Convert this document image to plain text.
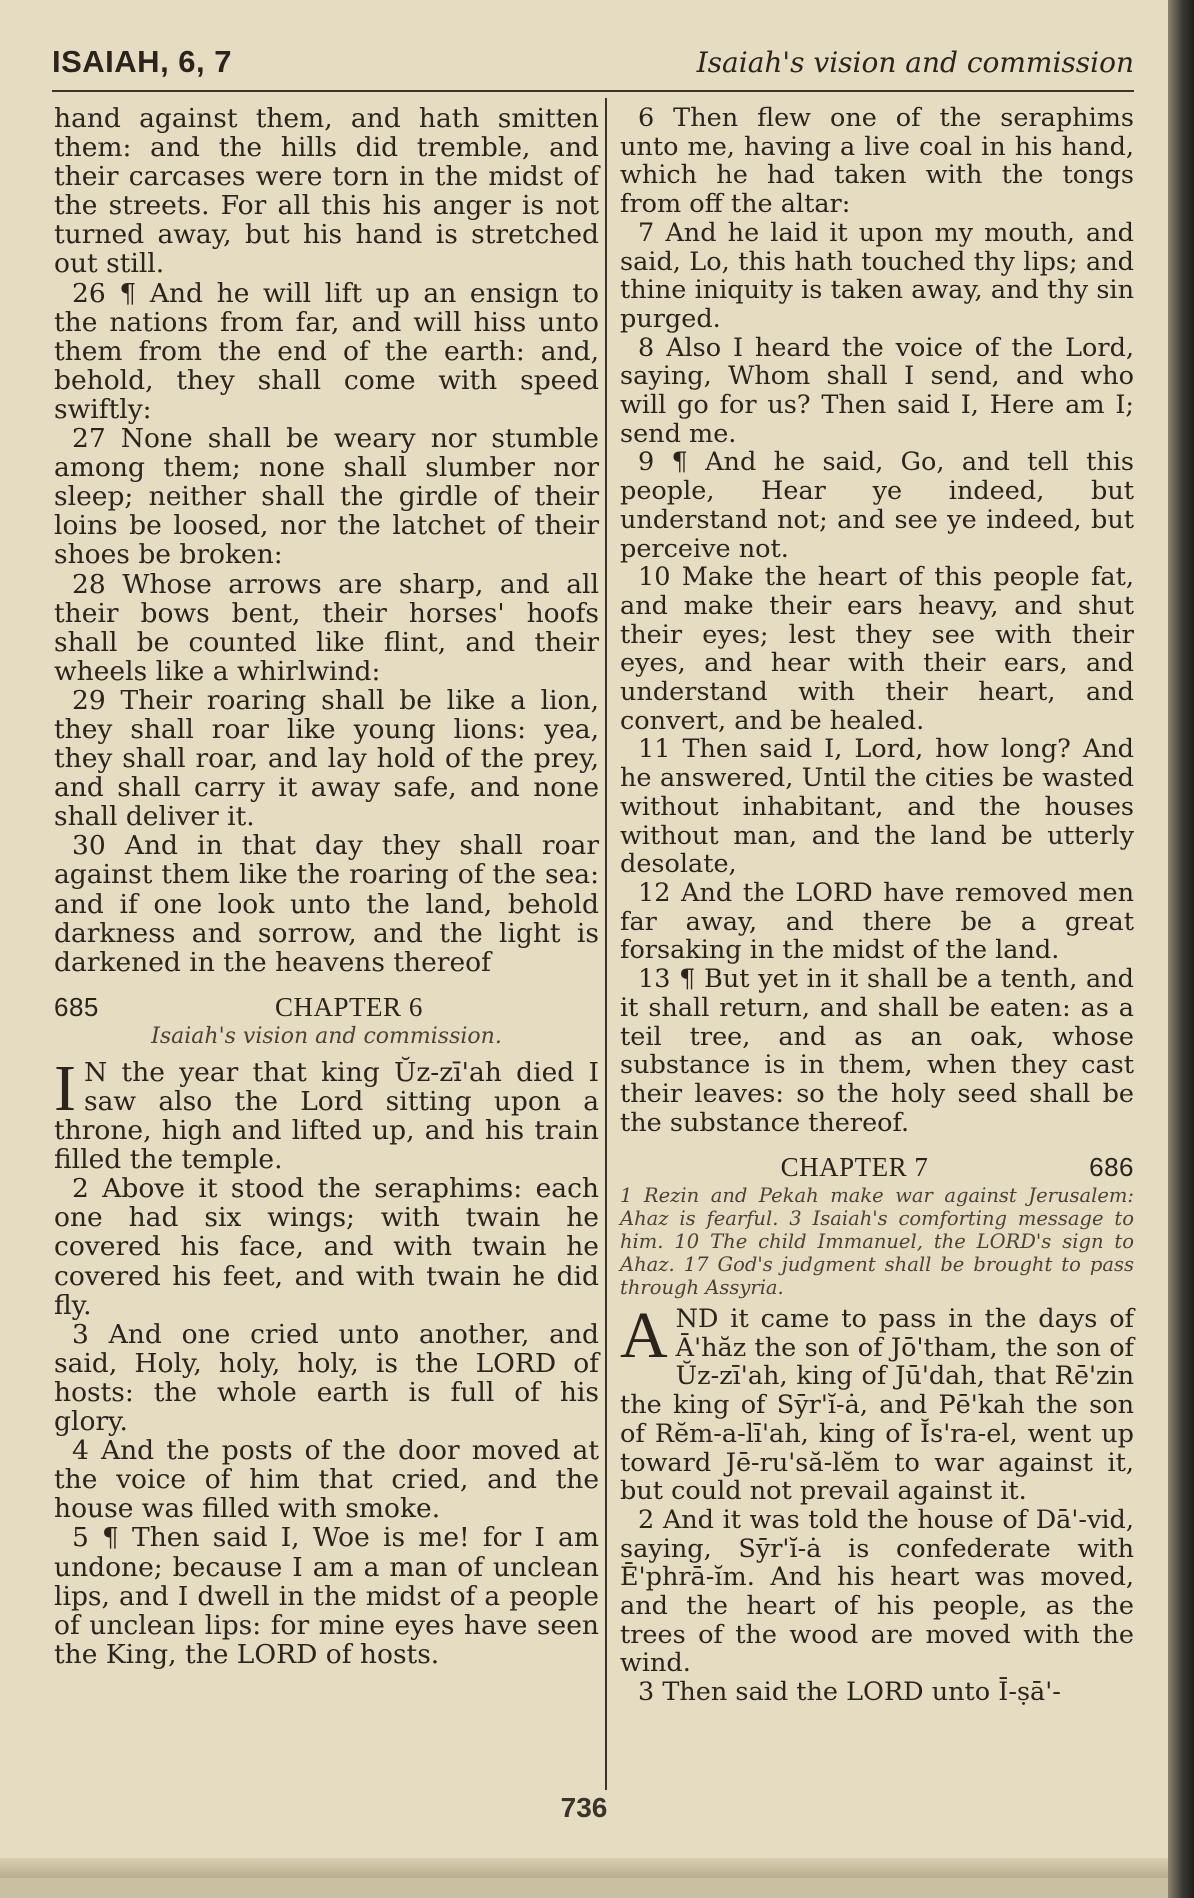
ISAIAH, 6, 7	Isaiah's vision and commission

hand against them, and hath smitten them: and the hills did tremble, and their carcases were torn in the midst of the streets. For all this his anger is not turned away, but his hand is stretched out still.

26 ¶ And he will lift up an ensign to the nations from far, and will hiss unto them from the end of the earth: and, behold, they shall come with speed swiftly:

27 None shall be weary nor stumble among them; none shall slumber nor sleep; neither shall the girdle of their loins be loosed, nor the latchet of their shoes be broken:

28 Whose arrows are sharp, and all their bows bent, their horses' hoofs shall be counted like flint, and their wheels like a whirlwind:

29 Their roaring shall be like a lion, they shall roar like young lions: yea, they shall roar, and lay hold of the prey, and shall carry it away safe, and none shall deliver it.

30 And in that day they shall roar against them like the roaring of the sea: and if one look unto the land, behold darkness and sorrow, and the light is darkened in the heavens thereof

685	CHAPTER 6
Isaiah's vision and commission.

I N the year that king Ŭz-zī'ah died I saw also the Lord sitting upon a throne, high and lifted up, and his train filled the temple.

2 Above it stood the seraphims: each one had six wings; with twain he covered his face, and with twain he covered his feet, and with twain he did fly.

3 And one cried unto another, and said, Holy, holy, holy, is the LORD of hosts: the whole earth is full of his glory.

4 And the posts of the door moved at the voice of him that cried, and the house was filled with smoke.

5 ¶ Then said I, Woe is me! for I am undone; because I am a man of unclean lips, and I dwell in the midst of a people of unclean lips: for mine eyes have seen the King, the LORD of hosts.

6 Then flew one of the seraphims unto me, having a live coal in his hand, which he had taken with the tongs from off the altar:

7 And he laid it upon my mouth, and said, Lo, this hath touched thy lips; and thine iniquity is taken away, and thy sin purged.

8 Also I heard the voice of the Lord, saying, Whom shall I send, and who will go for us? Then said I, Here am I; send me.

9 ¶ And he said, Go, and tell this people, Hear ye indeed, but understand not; and see ye indeed, but perceive not.

10 Make the heart of this people fat, and make their ears heavy, and shut their eyes; lest they see with their eyes, and hear with their ears, and understand with their heart, and convert, and be healed.

11 Then said I, Lord, how long? And he answered, Until the cities be wasted without inhabitant, and the houses without man, and the land be utterly desolate,

12 And the LORD have removed men far away, and there be a great forsaking in the midst of the land.

13 ¶ But yet in it shall be a tenth, and it shall return, and shall be eaten: as a teil tree, and as an oak, whose substance is in them, when they cast their leaves: so the holy seed shall be the substance thereof.

CHAPTER 7	686
1 Rezin and Pekah make war against Jerusalem: Ahaz is fearful. 3 Isaiah's comforting message to him. 10 The child Immanuel, the LORD's sign to Ahaz. 17 God's judgment shall be brought to pass through Assyria.

AND it came to pass in the days of Ā'hăz the son of Jō'tham, the son of Ŭz-zī'ah, king of Jū'dah, that Rē'zin the king of Sȳr'ĭ-ȧ, and Pē'kah the son of Rĕm-a-lī'ah, king of Ĭs'ra-el, went up toward Jē-ru'să-lĕm to war against it, but could not prevail against it.

2 And it was told the house of Dā'-vid, saying, Sȳr'ĭ-ȧ is confederate with Ē'phrā-ĭm. And his heart was moved, and the heart of his people, as the trees of the wood are moved with the wind.

3 Then said the LORD unto Ī-ṣā'-

736
